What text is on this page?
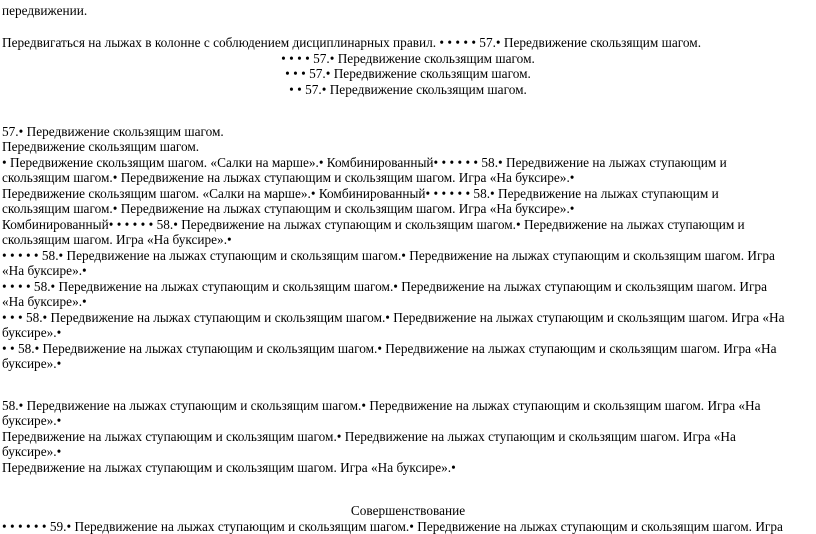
передвижении.
Передвигаться на лыжах в колонне с соблюдением дисциплинарных правил. • • • • • 57.• Передвижение скользящим шагом.
• • • • 57.• Передвижение скользящим шагом.
• • • 57.• Передвижение скользящим шагом.
• • 57.• Передвижение скользящим шагом.
57.• Передвижение скользящим шагом.
Передвижение скользящим шагом.
• Передвижение скользящим шагом. «Салки на марше».• Комбинированный• • • • • • 58.• Передвижение на лыжах ступающим и
скользящим шагом.• Передвижение на лыжах ступающим и скользящим шагом. Игра «На буксире».•
Передвижение скользящим шагом. «Салки на марше».• Комбинированный• • • • • • 58.• Передвижение на лыжах ступающим и
скользящим шагом.• Передвижение на лыжах ступающим и скользящим шагом. Игра «На буксире».•
Комбинированный• • • • • • 58.• Передвижение на лыжах ступающим и скользящим шагом.• Передвижение на лыжах ступающим и
скользящим шагом. Игра «На буксире».•
• • • • • 58.• Передвижение на лыжах ступающим и скользящим шагом.• Передвижение на лыжах ступающим и скользящим шагом. Игра
«На буксире».•
• • • • 58.• Передвижение на лыжах ступающим и скользящим шагом.• Передвижение на лыжах ступающим и скользящим шагом. Игра
«На буксире».•
• • • 58.• Передвижение на лыжах ступающим и скользящим шагом.• Передвижение на лыжах ступающим и скользящим шагом. Игра «На
буксире».•
• • 58.• Передвижение на лыжах ступающим и скользящим шагом.• Передвижение на лыжах ступающим и скользящим шагом. Игра «На
буксире».•
58.• Передвижение на лыжах ступающим и скользящим шагом.• Передвижение на лыжах ступающим и скользящим шагом. Игра «На
буксире».•
Передвижение на лыжах ступающим и скользящим шагом.• Передвижение на лыжах ступающим и скользящим шагом. Игра «На
буксире».•
Передвижение на лыжах ступающим и скользящим шагом. Игра «На буксире».•
Совершенствование
• • • • • • 59.• Передвижение на лыжах ступающим и скользящим шагом.• Передвижение на лыжах ступающим и скользящим шагом. Игра
